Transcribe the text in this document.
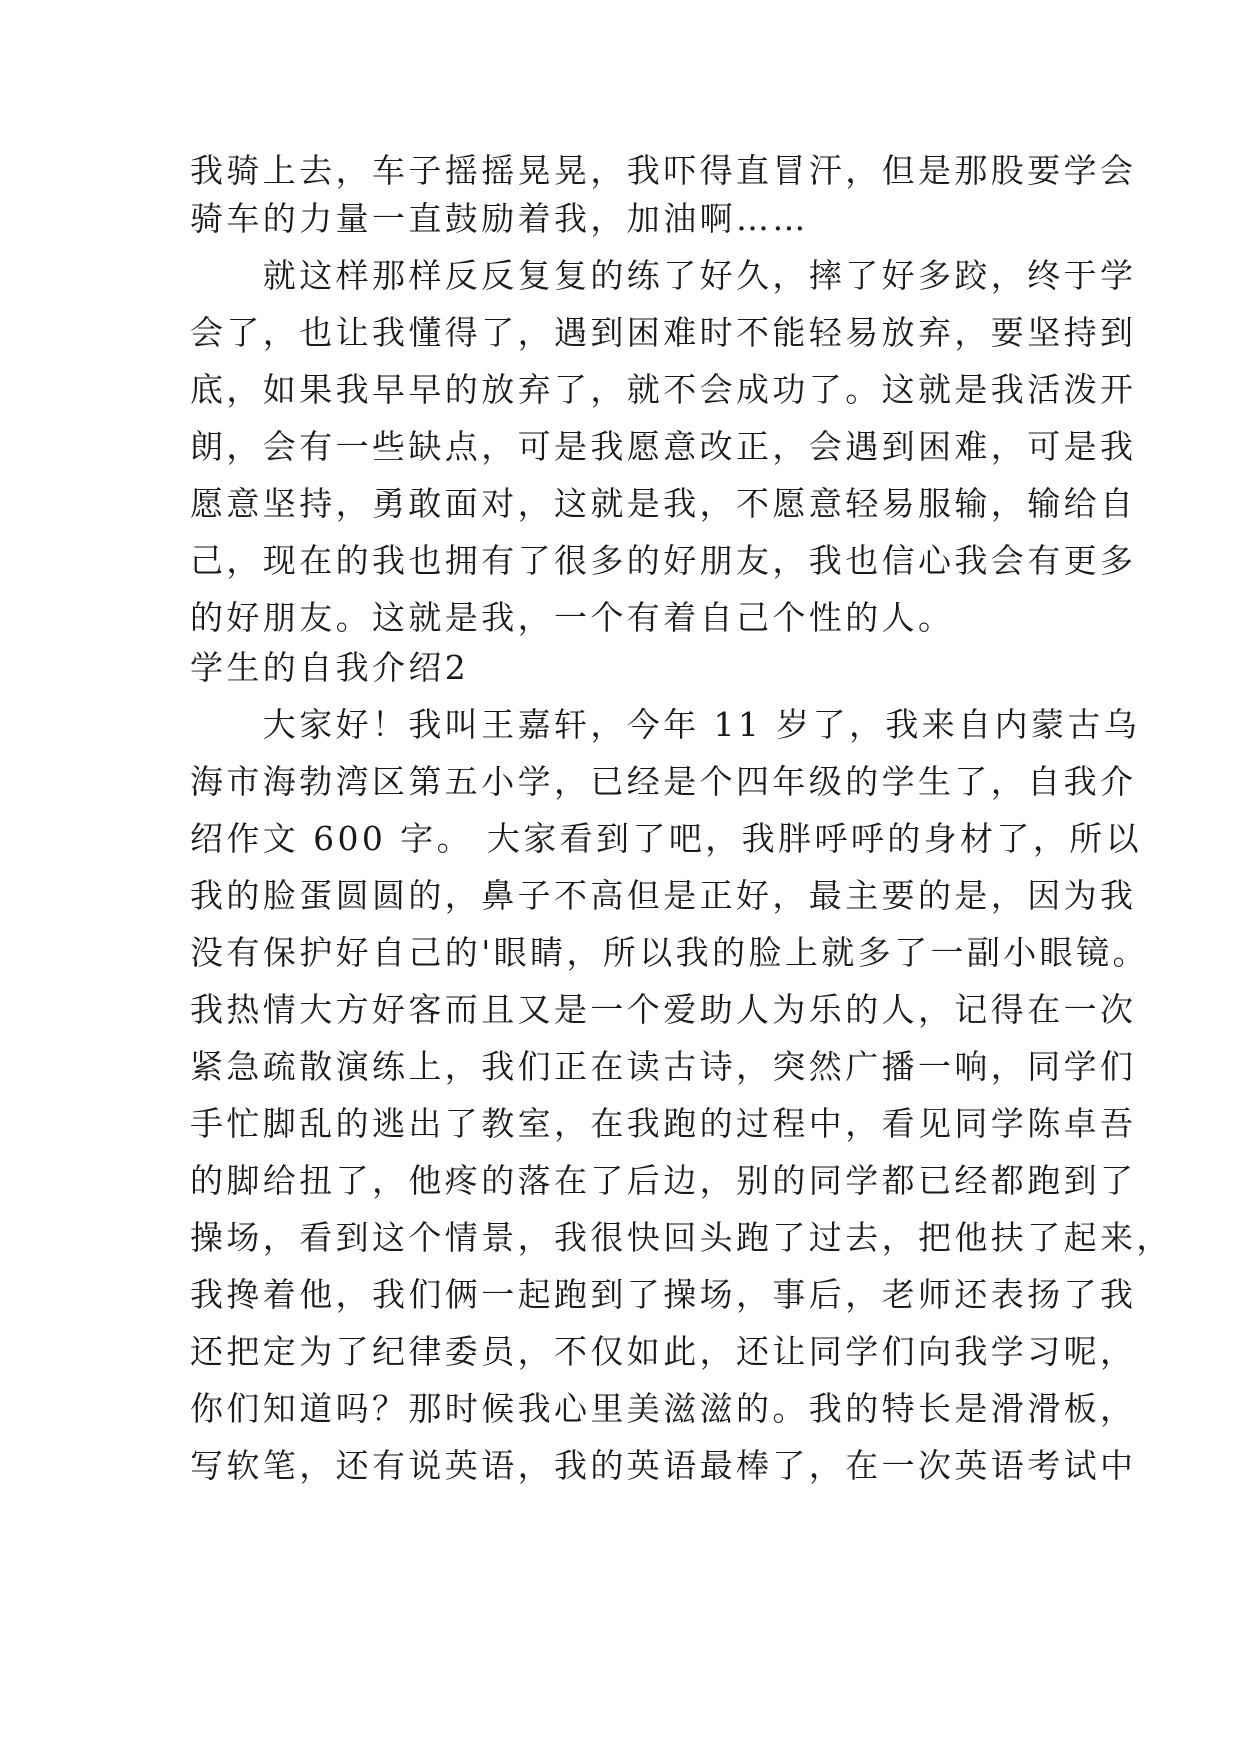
我骑上去，车子摇摇晃晃，我吓得直冒汗，但是那股要学会
骑车的力量一直鼓励着我，加油啊……
　　就这样那样反反复复的练了好久，摔了好多跤，终于学
会了，也让我懂得了，遇到困难时不能轻易放弃，要坚持到
底，如果我早早的放弃了，就不会成功了。这就是我活泼开
朗，会有一些缺点，可是我愿意改正，会遇到困难，可是我
愿意坚持，勇敢面对，这就是我，不愿意轻易服输，输给自
己，现在的我也拥有了很多的好朋友，我也信心我会有更多
的好朋友。这就是我，一个有着自己个性的人。
学生的自我介绍2
　　大家好！我叫王嘉轩，今年 11 岁了，我来自内蒙古乌
海市海勃湾区第五小学，已经是个四年级的学生了，自我介
绍作文 600 字。 大家看到了吧，我胖呼呼的身材了，所以
我的脸蛋圆圆的，鼻子不高但是正好，最主要的是，因为我
没有保护好自己的'眼睛，所以我的脸上就多了一副小眼镜。
我热情大方好客而且又是一个爱助人为乐的人，记得在一次
紧急疏散演练上，我们正在读古诗，突然广播一响，同学们
手忙脚乱的逃出了教室，在我跑的过程中，看见同学陈卓吾
的脚给扭了，他疼的落在了后边，别的同学都已经都跑到了
操场，看到这个情景，我很快回头跑了过去，把他扶了起来，
我搀着他，我们俩一起跑到了操场，事后，老师还表扬了我
还把定为了纪律委员，不仅如此，还让同学们向我学习呢，
你们知道吗？那时候我心里美滋滋的。我的特长是滑滑板，
写软笔，还有说英语，我的英语最棒了，在一次英语考试中
